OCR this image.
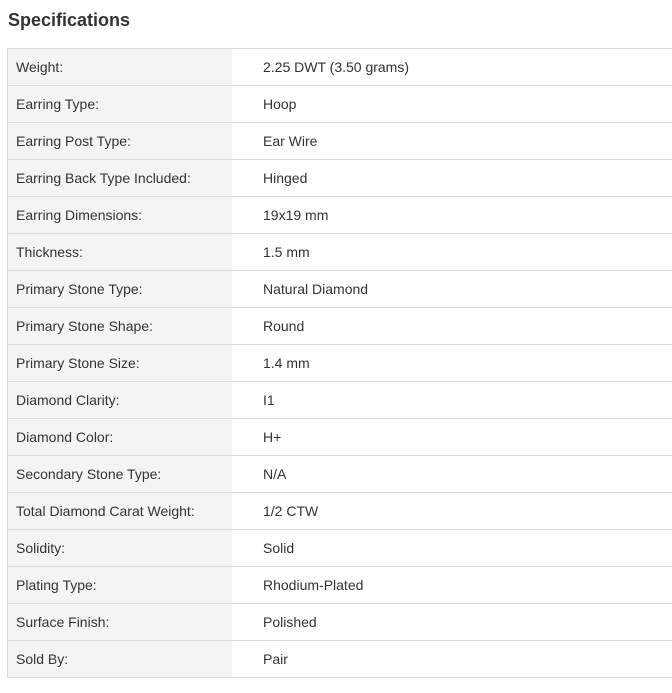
Specifications
Weight:	2.25 DWT (3.50 grams)
Earring Type:	Hoop
Earring Post Type:	Ear Wire
Earring Back Type Included:	Hinged
Earring Dimensions:	19x19 mm
Thickness:	1.5 mm
Primary Stone Type:	Natural Diamond
Primary Stone Shape:	Round
Primary Stone Size:	1.4 mm
Diamond Clarity:	I1
Diamond Color:	H+
Secondary Stone Type:	N/A
Total Diamond Carat Weight:	1/2 CTW
Solidity:	Solid
Plating Type:	Rhodium-Plated
Surface Finish:	Polished
Sold By:	Pair
